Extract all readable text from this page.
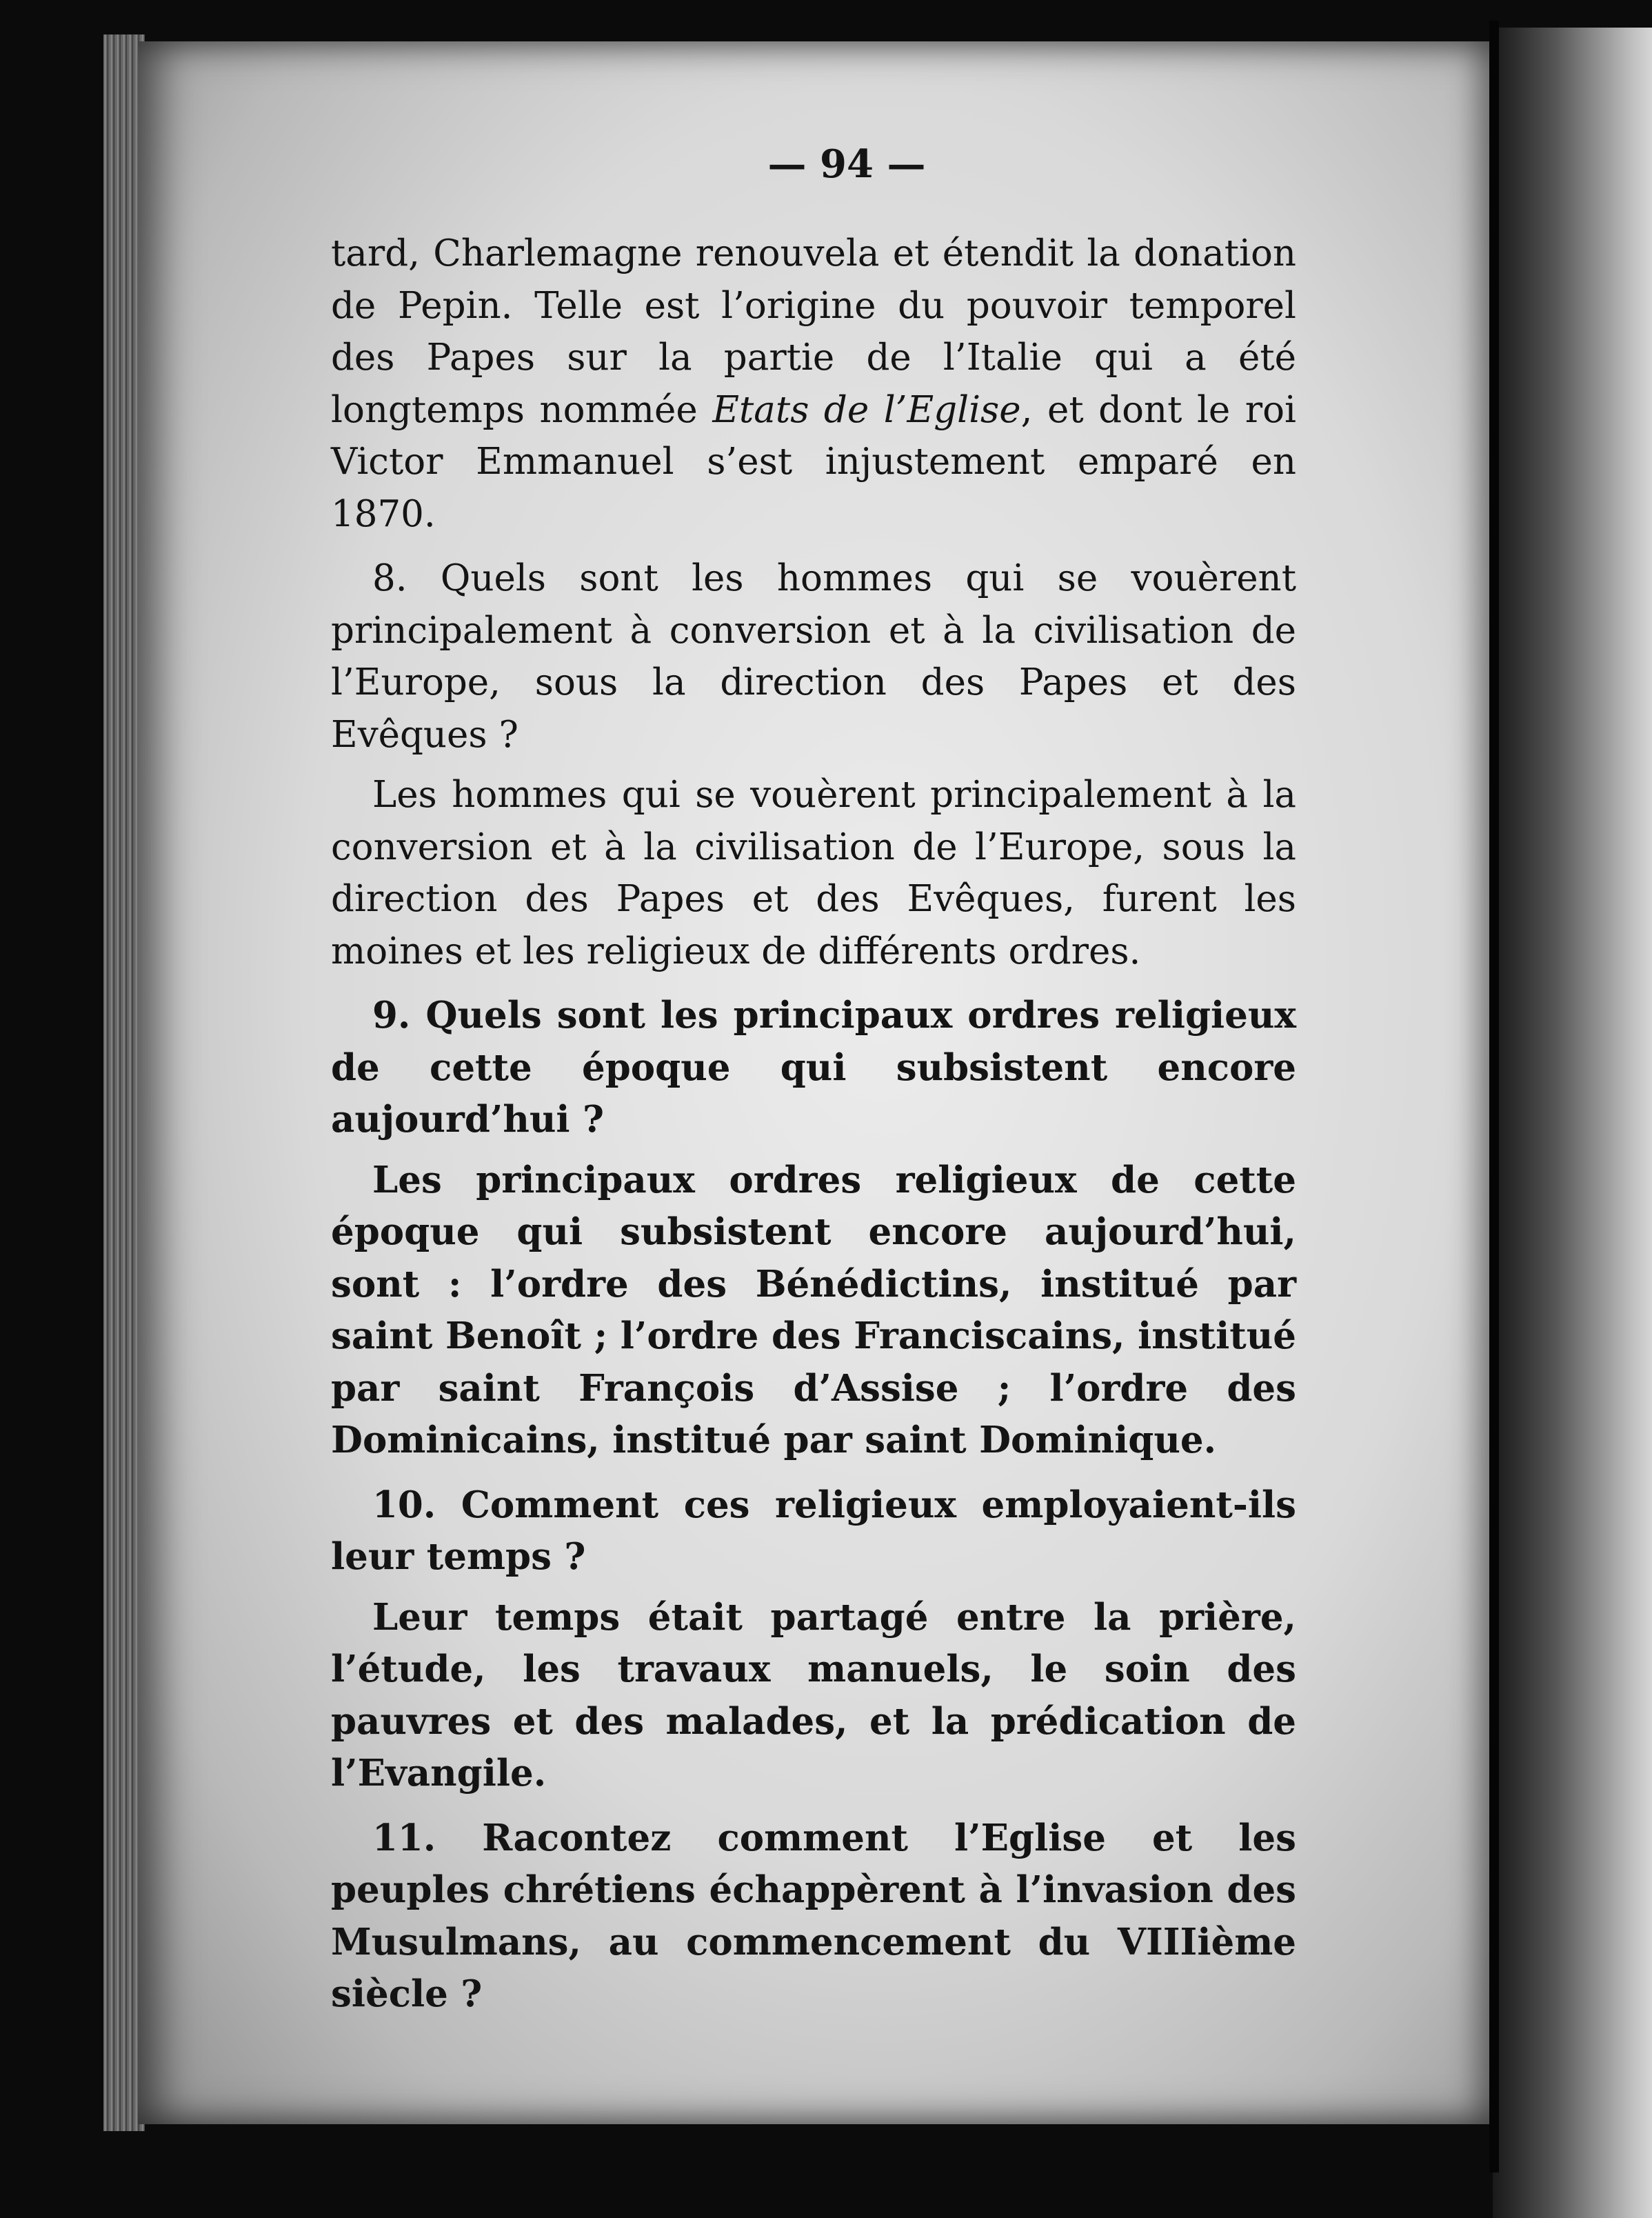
— 94 —

tard, Charlemagne renouvela et étendit la donation de Pepin. Telle est l’origine du pouvoir temporel des Papes sur la partie de l’Italie qui a été longtemps nommée Etats de l’Eglise, et dont le roi Victor Emmanuel s’est injustement emparé en 1870.

8. Quels sont les hommes qui se vouèrent principalement à conversion et à la civilisation de l’Europe, sous la direction des Papes et des Evêques ?

Les hommes qui se vouèrent principalement à la conversion et à la civilisation de l’Europe, sous la direction des Papes et des Evêques, furent les moines et les religieux de différents ordres.

9. Quels sont les principaux ordres religieux de cette époque qui subsistent encore aujourd’hui ?

Les principaux ordres religieux de cette époque qui subsistent encore aujourd’hui, sont : l’ordre des Bénédictins, institué par saint Benoît ; l’ordre des Franciscains, institué par saint François d’Assise ; l’ordre des Dominicains, institué par saint Dominique.

10. Comment ces religieux employaient-ils leur temps ?

Leur temps était partagé entre la prière, l’étude, les travaux manuels, le soin des pauvres et des malades, et la prédication de l’Evangile.

11. Racontez comment l’Eglise et les peuples chrétiens échappèrent à l’invasion des Musulmans, au commencement du VIIIième siècle ?
